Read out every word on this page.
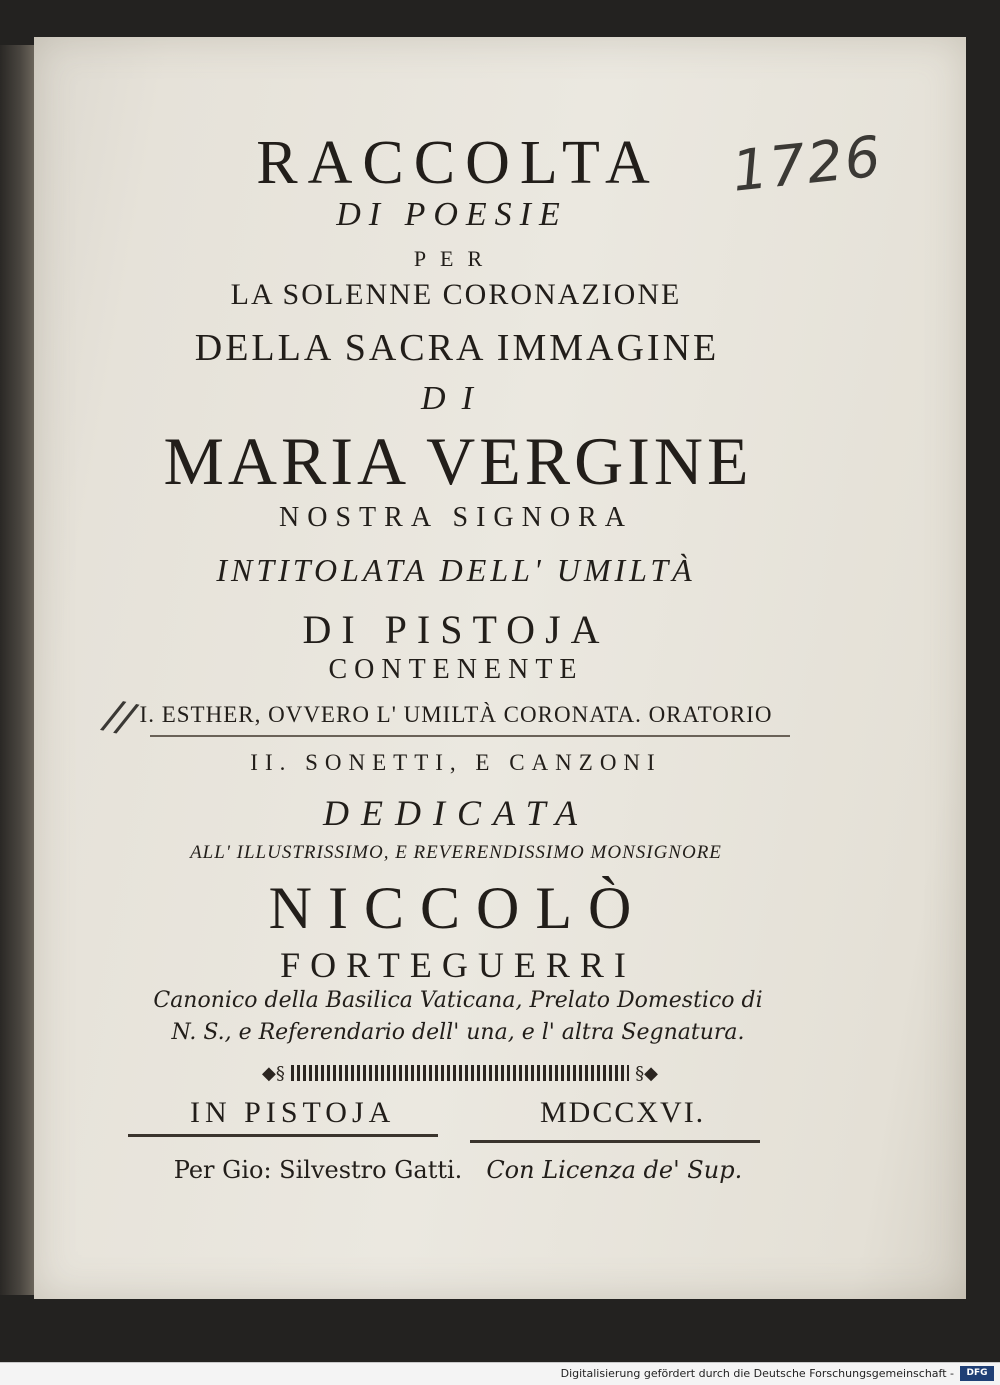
1726
//
RACCOLTA
DI POESIE
PER
LA SOLENNE CORONAZIONE
DELLA SACRA IMMAGINE
DI
MARIA VERGINE
NOSTRA SIGNORA
INTITOLATA DELL' UMILTÀ
DI PISTOJA
CONTENENTE
I. ESTHER, OVVERO L' UMILTÀ CORONATA. ORATORIO
II. SONETTI, E CANZONI
DEDICATA
ALL' ILLUSTRISSIMO, E REVERENDISSIMO MONSIGNORE
NICCOLÒ
FORTEGUERRI
Canonico della Basilica Vaticana, Prelato Domestico di
N. S., e Referendario dell' una, e l' altra Segnatura.
◆§	§◆
IN PISTOJA	MDCCXVI.
Per Gio: Silvestro Gatti. Con Licenza de' Sup.
Digitalisierung gefördert durch die Deutsche Forschungsgemeinschaft -	DFG
